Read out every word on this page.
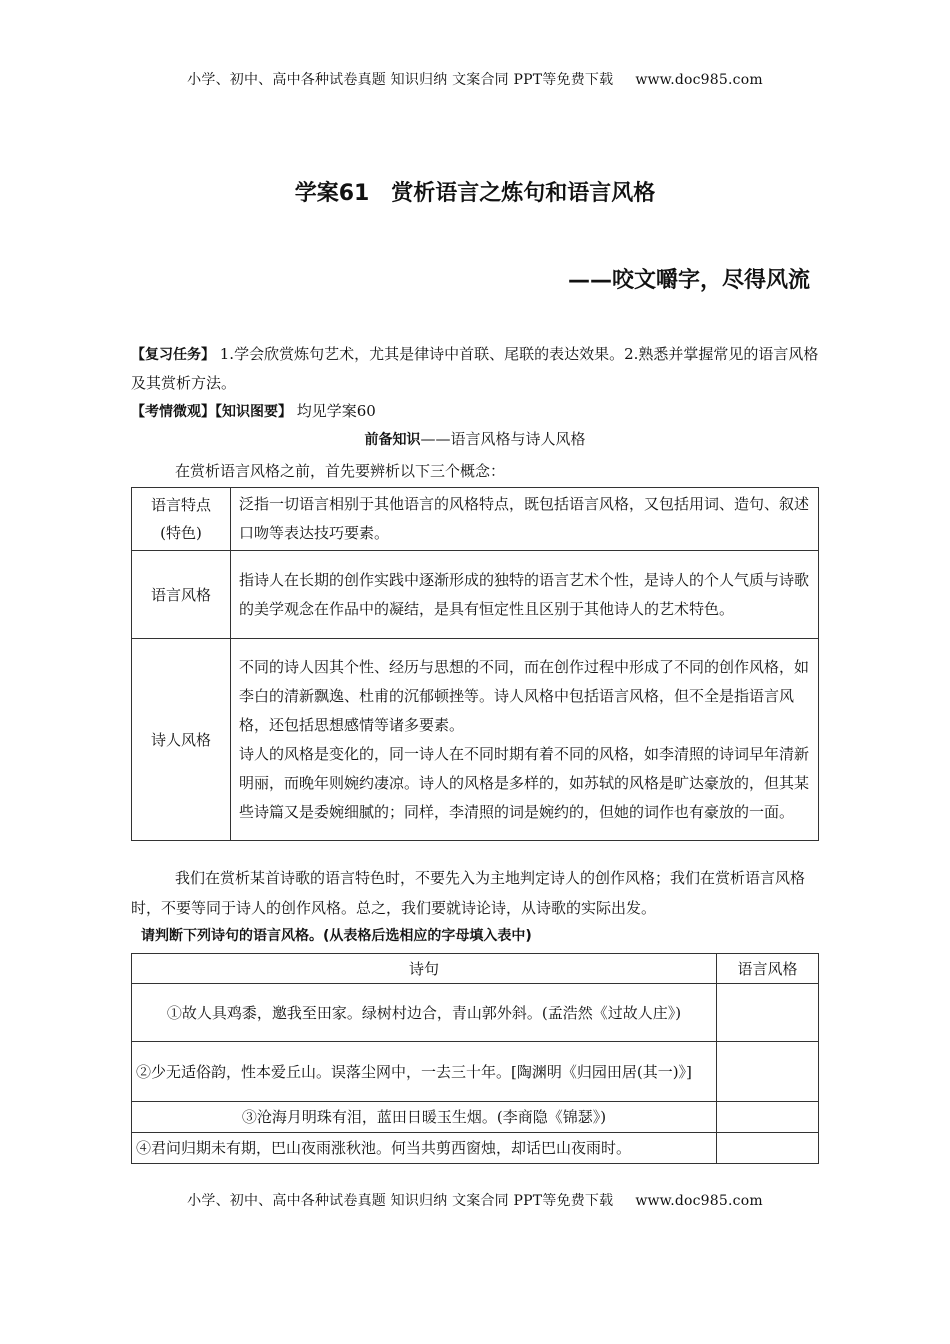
小学、初中、高中各种试卷真题 知识归纳 文案合同 PPT等免费下载 www.doc985.com
学案61　赏析语言之炼句和语言风格
——咬文嚼字，尽得风流
【复习任务】 1.学会欣赏炼句艺术，尤其是律诗中首联、尾联的表达效果。2.熟悉并掌握常见的语言风格及其赏析方法。
【考情微观】【知识图要】 均见学案60
前备知识——语言风格与诗人风格
在赏析语言风格之前，首先要辨析以下三个概念：
语言特点
(特色)	泛指一切语言相别于其他语言的风格特点，既包括语言风格，又包括用词、造句、叙述口吻等表达技巧要素。

语言风格	指诗人在长期的创作实践中逐渐形成的独特的语言艺术个性，是诗人的个人气质与诗歌的美学观念在作品中的凝结，是具有恒定性且区别于其他诗人的艺术特色。

诗人风格	不同的诗人因其个性、经历与思想的不同，而在创作过程中形成了不同的创作风格，如李白的清新飘逸、杜甫的沉郁顿挫等。诗人风格中包括语言风格，但不全是指语言风格，还包括思想感情等诸多要素。

诗人的风格是变化的，同一诗人在不同时期有着不同的风格，如李清照的诗词早年清新明丽，而晚年则婉约凄凉。诗人的风格是多样的，如苏轼的风格是旷达豪放的，但其某些诗篇又是委婉细腻的；同样，李清照的词是婉约的，但她的词作也有豪放的一面。

我们在赏析某首诗歌的语言特色时，不要先入为主地判定诗人的创作风格；我们在赏析语言风格时，不要等同于诗人的创作风格。总之，我们要就诗论诗，从诗歌的实际出发。
请判断下列诗句的语言风格。(从表格后选相应的字母填入表中)
诗句	语言风格
①故人具鸡黍，邀我至田家。绿树村边合，青山郭外斜。(孟浩然《过故人庄》)	
②少无适俗韵，性本爱丘山。误落尘网中，一去三十年。[陶渊明《归园田居(其一)》]	
③沧海月明珠有泪，蓝田日暖玉生烟。(李商隐《锦瑟》)	
④君问归期未有期，巴山夜雨涨秋池。何当共剪西窗烛，却话巴山夜雨时。	
小学、初中、高中各种试卷真题 知识归纳 文案合同 PPT等免费下载 www.doc985.com
